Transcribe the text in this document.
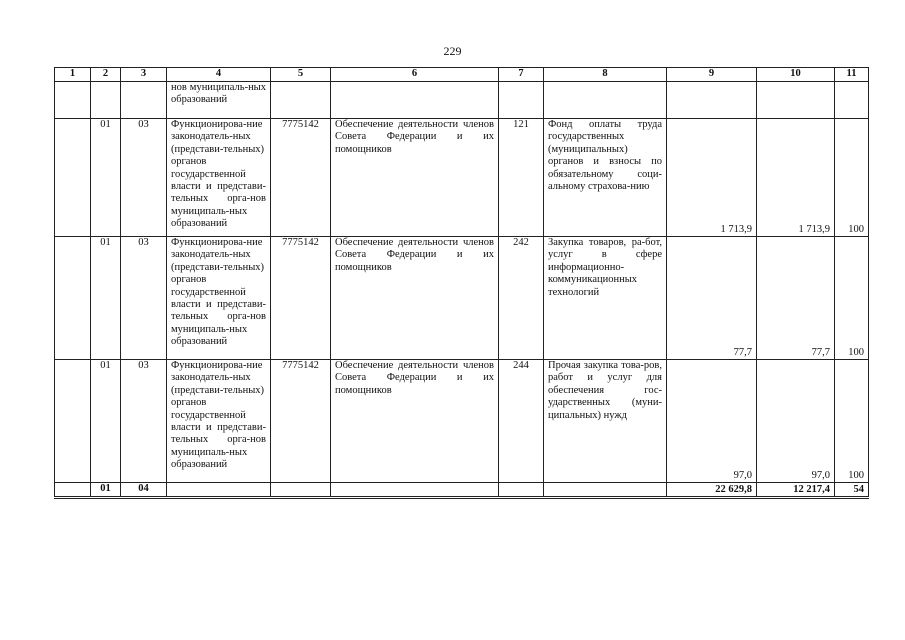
229
1	2	3	4	5	6	7	8	9	10	11
			нов муниципаль-ных образований							
	01	03	Функционирова-ние законодатель-ных (представи-тельных) органов государственной власти и представи-тельных орга-нов муниципаль-ных образований	7775142	Обеспечение деятельности членов Совета Федерации и их помощников	121	Фонд оплаты труда государственных (муниципальных) органов и взносы по обязательному соци-альному страхова-нию	1 713,9	1 713,9	100
	01	03	Функционирова-ние законодатель-ных (представи-тельных) органов государственной власти и представи-тельных орга-нов муниципаль-ных образований	7775142	Обеспечение деятельности членов Совета Федерации и их помощников	242	Закупка товаров, ра-бот, услуг в сфере информационно-коммуникационных технологий	77,7	77,7	100
	01	03	Функционирова-ние законодатель-ных (представи-тельных) органов государственной власти и представи-тельных орга-нов муниципаль-ных образований	7775142	Обеспечение деятельности членов Совета Федерации и их помощников	244	Прочая закупка това-ров, работ и услуг для обеспечения гос-ударственных (муни-ципальных) нужд	97,0	97,0	100
	01	04						22 629,8	12 217,4	54
